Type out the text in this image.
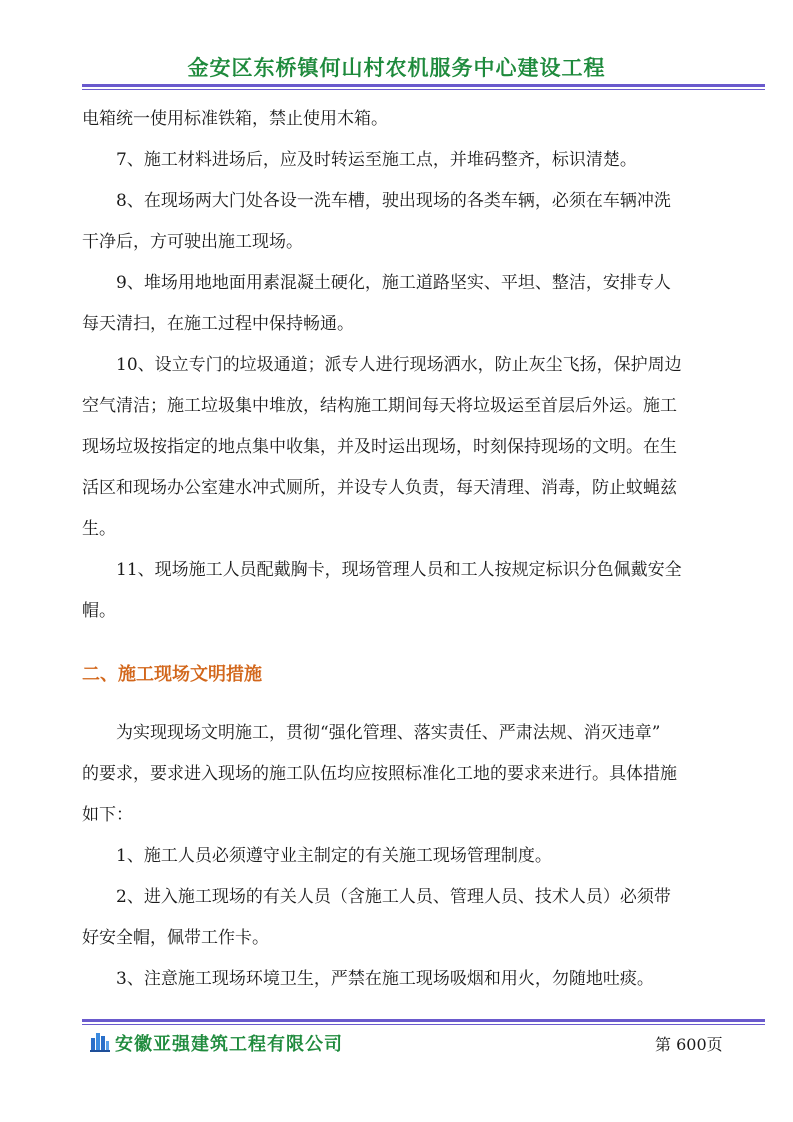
金安区东桥镇何山村农机服务中心建设工程
电箱统一使用标准铁箱，禁止使用木箱。
7、施工材料进场后，应及时转运至施工点，并堆码整齐，标识清楚。
8、在现场两大门处各设一洗车槽，驶出现场的各类车辆，必须在车辆冲洗
干净后，方可驶出施工现场。
9、堆场用地地面用素混凝土硬化，施工道路坚实、平坦、整洁，安排专人
每天清扫，在施工过程中保持畅通。
10、设立专门的垃圾通道；派专人进行现场洒水，防止灰尘飞扬，保护周边
空气清洁；施工垃圾集中堆放，结构施工期间每天将垃圾运至首层后外运。施工
现场垃圾按指定的地点集中收集，并及时运出现场，时刻保持现场的文明。在生
活区和现场办公室建水冲式厕所，并设专人负责，每天清理、消毒，防止蚊蝇兹
生。
11、现场施工人员配戴胸卡，现场管理人员和工人按规定标识分色佩戴安全
帽。
二、施工现场文明措施
为实现现场文明施工，贯彻“强化管理、落实责任、严肃法规、消灭违章”
的要求，要求进入现场的施工队伍均应按照标准化工地的要求来进行。具体措施
如下：
1、施工人员必须遵守业主制定的有关施工现场管理制度。
2、进入施工现场的有关人员（含施工人员、管理人员、技术人员）必须带
好安全帽，佩带工作卡。
3、注意施工现场环境卫生，严禁在施工现场吸烟和用火，勿随地吐痰。
安徽亚强建筑工程有限公司	第 600页
